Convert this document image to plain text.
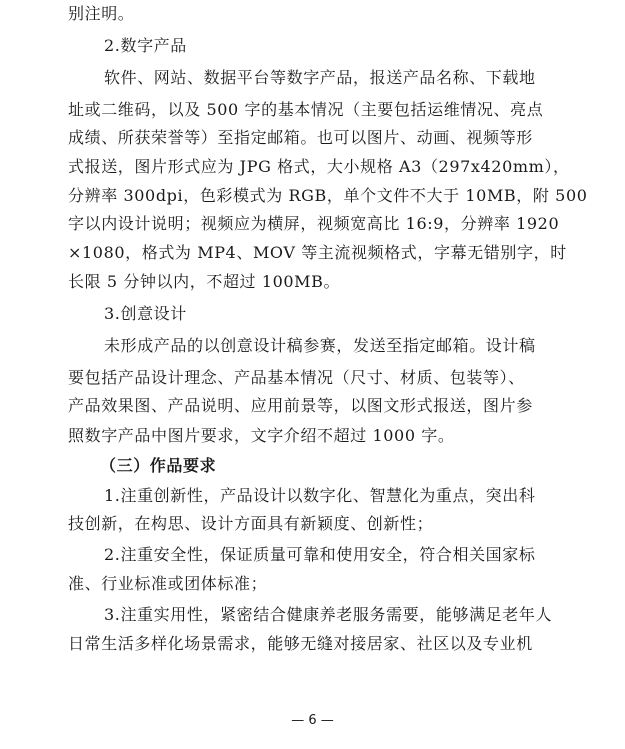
别注明。
2.数字产品
软件、网站、数据平台等数字产品，报送产品名称、下载地
址或二维码，以及 500 字的基本情况（主要包括运维情况、亮点
成绩、所获荣誉等）至指定邮箱。也可以图片、动画、视频等形
式报送，图片形式应为 JPG 格式，大小规格 A3（297x420mm），
分辨率 300dpi，色彩模式为 RGB，单个文件不大于 10MB，附 500
字以内设计说明；视频应为横屏，视频宽高比 16:9，分辨率 1920
×1080，格式为 MP4、MOV 等主流视频格式，字幕无错别字，时
长限 5 分钟以内，不超过 100MB。
3.创意设计
未形成产品的以创意设计稿参赛，发送至指定邮箱。设计稿
要包括产品设计理念、产品基本情况（尺寸、材质、包装等）、
产品效果图、产品说明、应用前景等，以图文形式报送，图片参
照数字产品中图片要求，文字介绍不超过 1000 字。
（三）作品要求
1.注重创新性，产品设计以数字化、智慧化为重点，突出科
技创新，在构思、设计方面具有新颖度、创新性；
2.注重安全性，保证质量可靠和使用安全，符合相关国家标
准、行业标准或团体标准；
3.注重实用性，紧密结合健康养老服务需要，能够满足老年人
日常生活多样化场景需求，能够无缝对接居家、社区以及专业机
— 6 —
